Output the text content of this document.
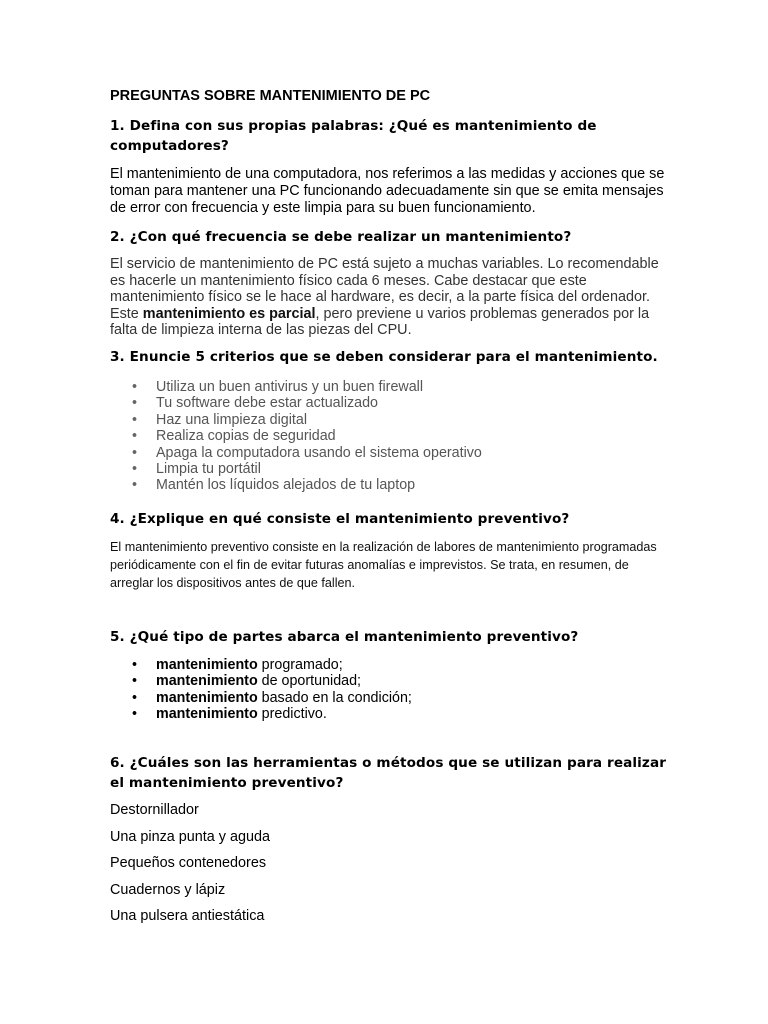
PREGUNTAS SOBRE MANTENIMIENTO DE PC
1. Defina con sus propias palabras: ¿Qué es mantenimiento de computadores?

El mantenimiento de una computadora, nos referimos a las medidas y acciones que se toman para mantener una PC funcionando adecuadamente sin que se emita mensajes de error con frecuencia y este limpia para su buen funcionamiento.

2. ¿Con qué frecuencia se debe realizar un mantenimiento?

El servicio de mantenimiento de PC está sujeto a muchas variables. Lo recomendable es hacerle un mantenimiento físico cada 6 meses. Cabe destacar que este mantenimiento físico se le hace al hardware, es decir, a la parte física del ordenador. Este mantenimiento es parcial, pero previene u varios problemas generados por la falta de limpieza interna de las piezas del CPU.

3. Enuncie 5 criterios que se deben considerar para el mantenimiento.
• Utiliza un buen antivirus y un buen firewall
• Tu software debe estar actualizado
• Haz una limpieza digital
• Realiza copias de seguridad
• Apaga la computadora usando el sistema operativo
• Limpia tu portátil
• Mantén los líquidos alejados de tu laptop
4. ¿Explique en qué consiste el mantenimiento preventivo?

El mantenimiento preventivo consiste en la realización de labores de mantenimiento programadas periódicamente con el fin de evitar futuras anomalías e imprevistos. Se trata, en resumen, de arreglar los dispositivos antes de que fallen.

5. ¿Qué tipo de partes abarca el mantenimiento preventivo?
• mantenimiento programado;
• mantenimiento de oportunidad;
• mantenimiento basado en la condición;
• mantenimiento predictivo.
6. ¿Cuáles son las herramientas o métodos que se utilizan para realizar el mantenimiento preventivo?
Destornillador
Una pinza punta y aguda
Pequeños contenedores
Cuadernos y lápiz
Una pulsera antiestática
